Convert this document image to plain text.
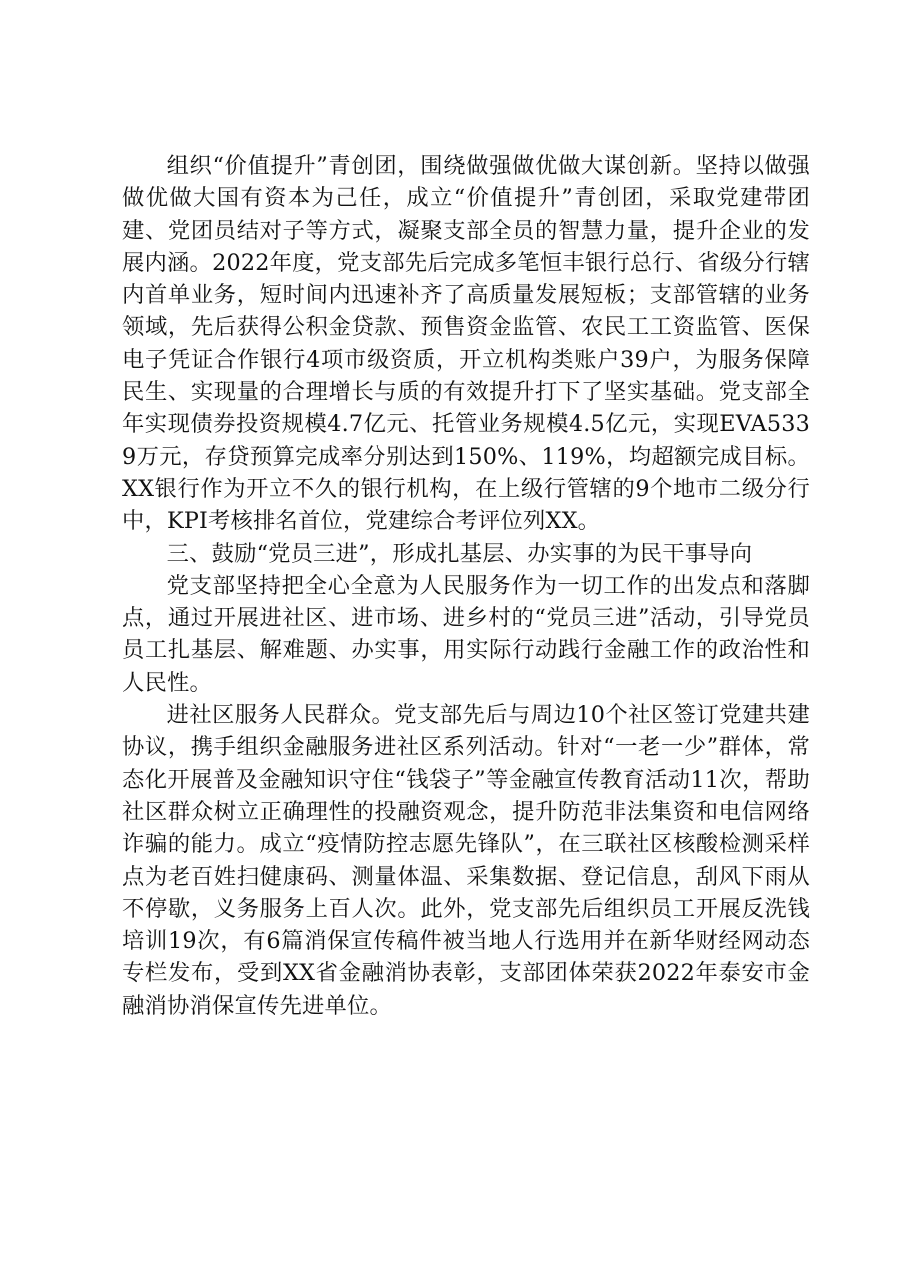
组织“价值提升”青创团，围绕做强做优做大谋创新。坚持以做强做优做大国有资本为己任，成立“价值提升”青创团，采取党建带团建、党团员结对子等方式，凝聚支部全员的智慧力量，提升企业的发展内涵。2022年度，党支部先后完成多笔恒丰银行总行、省级分行辖内首单业务，短时间内迅速补齐了高质量发展短板；支部管辖的业务领域，先后获得公积金贷款、预售资金监管、农民工工资监管、医保电子凭证合作银行4项市级资质，开立机构类账户39户，为服务保障民生、实现量的合理增长与质的有效提升打下了坚实基础。党支部全年实现债券投资规模4.7亿元、托管业务规模4.5亿元，实现EVA5339万元，存贷预算完成率分别达到150%、119%，均超额完成目标。XX银行作为开立不久的银行机构，在上级行管辖的9个地市二级分行中，KPI考核排名首位，党建综合考评位列XX。

三、鼓励“党员三进”，形成扎基层、办实事的为民干事导向

党支部坚持把全心全意为人民服务作为一切工作的出发点和落脚点，通过开展进社区、进市场、进乡村的“党员三进”活动，引导党员员工扎基层、解难题、办实事，用实际行动践行金融工作的政治性和人民性。

进社区服务人民群众。党支部先后与周边10个社区签订党建共建协议，携手组织金融服务进社区系列活动。针对“一老一少”群体，常态化开展普及金融知识守住“钱袋子”等金融宣传教育活动11次，帮助社区群众树立正确理性的投融资观念，提升防范非法集资和电信网络诈骗的能力。成立“疫情防控志愿先锋队”，在三联社区核酸检测采样点为老百姓扫健康码、测量体温、采集数据、登记信息，刮风下雨从不停歇，义务服务上百人次。此外，党支部先后组织员工开展反洗钱培训19次，有6篇消保宣传稿件被当地人行选用并在新华财经网动态专栏发布，受到XX省金融消协表彰，支部团体荣获2022年泰安市金融消协消保宣传先进单位。
